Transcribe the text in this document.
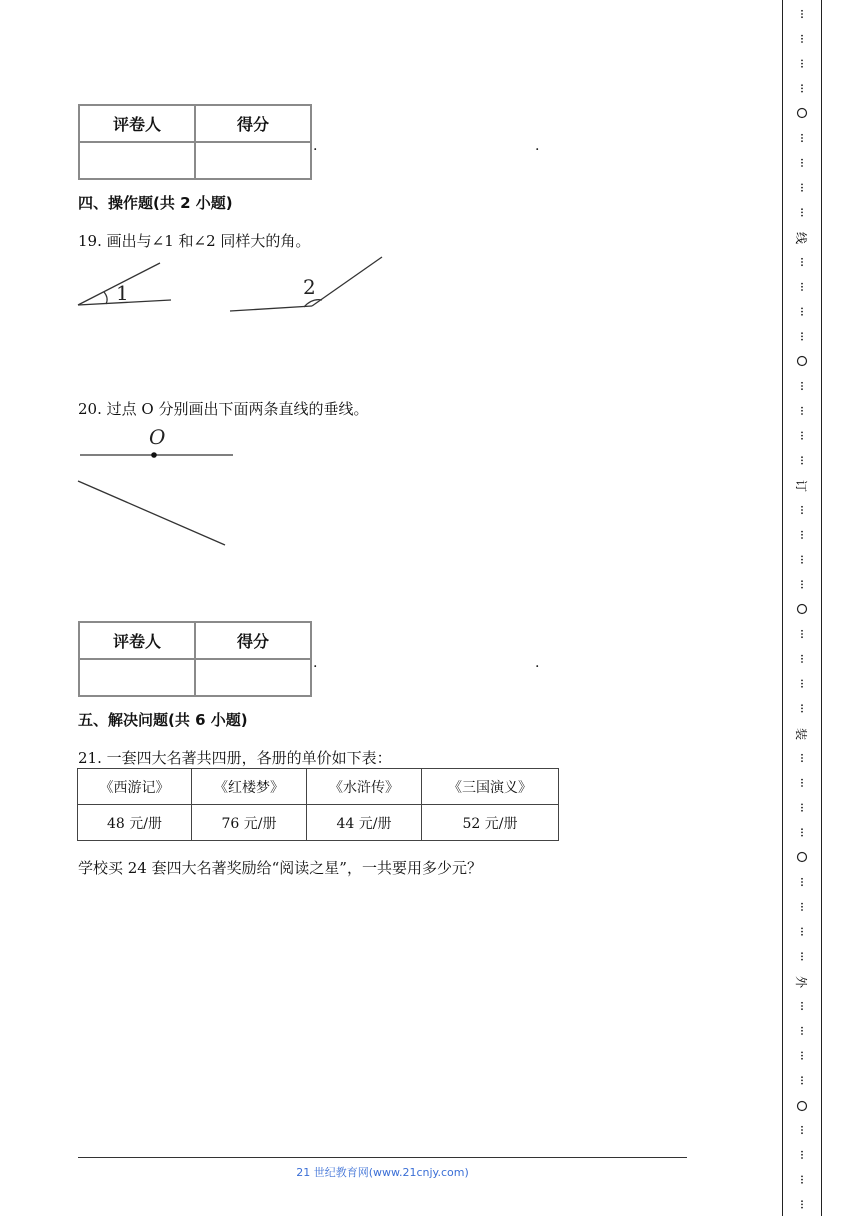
评卷人	得分

.	.
四、操作题(共 2 小题)
19. 画出与∠1 和∠2 同样大的角。
1	2
20. 过点 O 分别画出下面两条直线的垂线。
O
评卷人	得分

.	.
五、解决问题(共 6 小题)
21. 一套四大名著共四册，各册的单价如下表：
《西游记》	《红楼梦》	《水浒传》	《三国演义》
48 元/册	76 元/册	44 元/册	52 元/册
学校买 24 套四大名著奖励给“阅读之星”，一共要用多少元？
21 世纪教育网(www.21cnjy.com)
线
订
装
外
